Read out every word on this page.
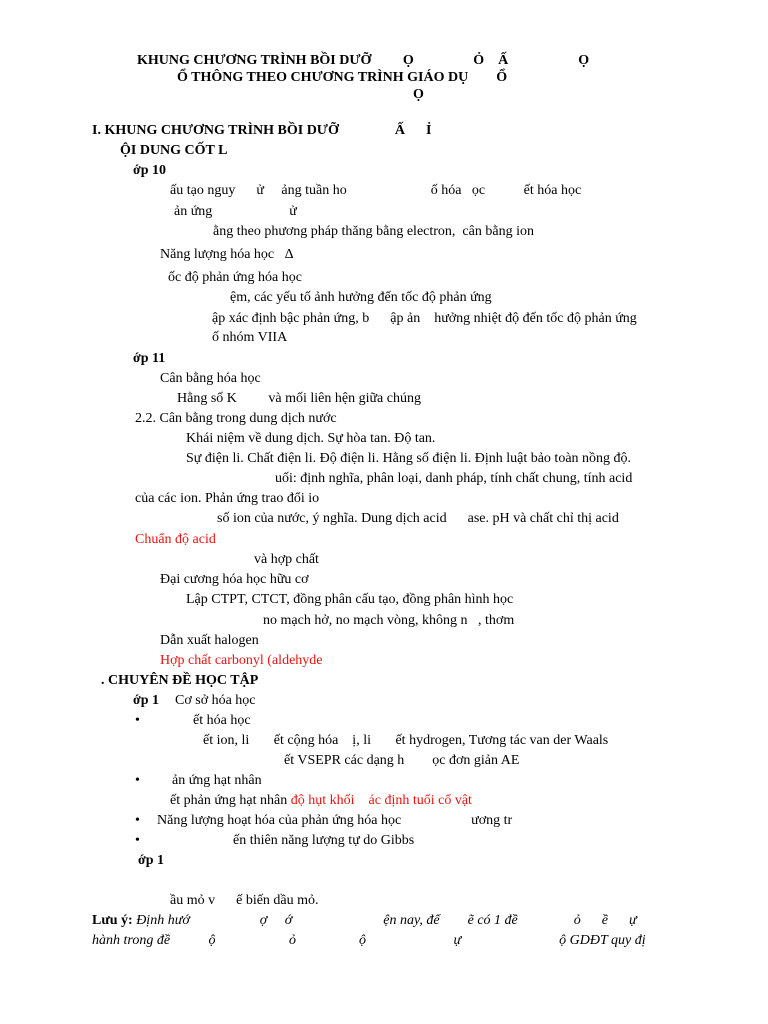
KHUNG CHƯƠNG TRÌNH BỒI DƯỠ         Ọ                 Ỏ    Ấ                    Ọ
Ổ THÔNG THEO CHƯƠNG TRÌNH GIÁO DỤ        Ổ
Ọ
I. KHUNG CHƯƠNG TRÌNH BỒI DƯỠ                Ấ      Ỉ
ỘI DUNG CỐT L
ớp 10
ấu tạo nguy      ử     ảng tuần ho                        ố hóa   ọc           ết hóa học
ản ứng                      ử
ằng theo phương pháp thăng bằng electron,  cân bằng ion
Năng lượng hóa học   Δ
ốc độ phản ứng hóa học
ệm, các yếu tố ảnh hưởng đến tốc độ phản ứng
ập xác định bậc phản ứng, b      ập ản    hưởng nhiệt độ đến tốc độ phản ứng
ố nhóm VIIA
ớp 11
Cân bằng hóa học
Hằng số K         và mối liên hện giữa chúng
2.2. Cân bằng trong dung dịch nước
Khái niệm về dung dịch. Sự hòa tan. Độ tan.
Sự điện li. Chất điện li. Độ điện li. Hằng số điện li. Định luật bảo toàn nồng độ.
uối: định nghĩa, phân loại, danh pháp, tính chất chung, tính acid
của các ion. Phản ứng trao đổi io
số ion của nước, ý nghĩa. Dung dịch acid      ase. pH và chất chỉ thị acid
Chuẩn độ acid
và hợp chất
Đại cương hóa học hữu cơ
Lập CTPT, CTCT, đồng phân cấu tạo, đồng phân hình học
no mạch hở, no mạch vòng, không n   , thơm
Dẫn xuất halogen
Hợp chất carbonyl (aldehyde
. CHUYÊN ĐỀ HỌC TẬP
ớp 1 Cơ sở hóa học
•	ết hóa học
ết ion, li       ết cộng hóa    ị, li       ết hydrogen, Tương tác van der Waals
ết VSEPR các dạng h        ọc đơn giản AE
• ản ứng hạt nhân
ết phản ứng hạt nhân độ hụt khối    ác định tuổi cổ vật
• Năng lượng hoạt hóa của phản ứng hóa học                    ương tr
•	ến thiên năng lượng tự do Gibbs
ớp 1
ầu mỏ v      ế biến dầu mỏ.
Lưu ý: Định hướ                    ợ     ớ                          ện nay, để        ẽ có 1 đề                ỏ      ề      ự
hành trong đề           ộ                     ỏ                  ộ                         ự                            ộ GDĐT quy đị
